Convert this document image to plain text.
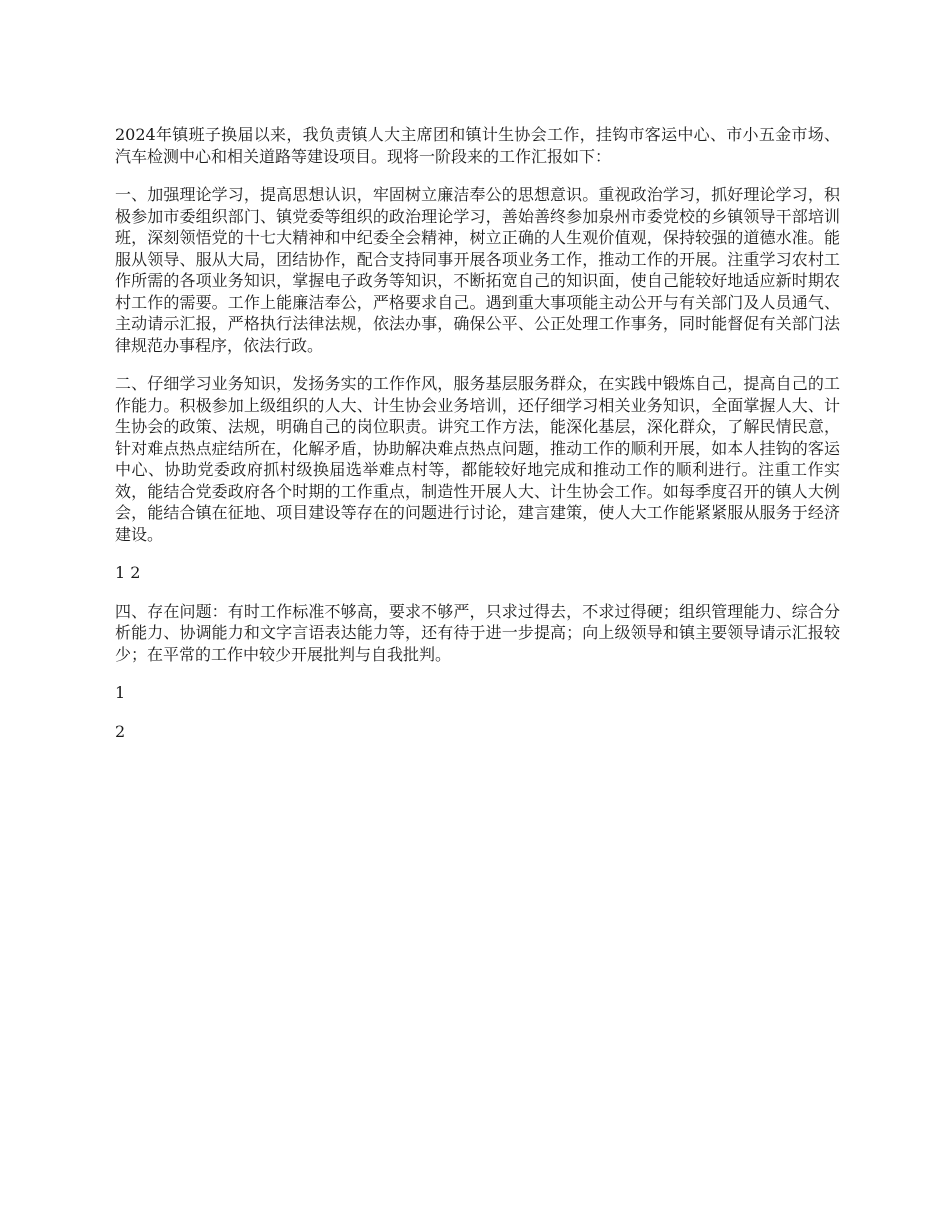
2024年镇班子换届以来，我负责镇人大主席团和镇计生协会工作，挂钩市客运中心、市小五金市场、汽车检测中心和相关道路等建设项目。现将一阶段来的工作汇报如下：

一、加强理论学习，提高思想认识，牢固树立廉洁奉公的思想意识。重视政治学习，抓好理论学习，积极参加市委组织部门、镇党委等组织的政治理论学习，善始善终参加泉州市委党校的乡镇领导干部培训班，深刻领悟党的十七大精神和中纪委全会精神，树立正确的人生观价值观，保持较强的道德水准。能服从领导、服从大局，团结协作，配合支持同事开展各项业务工作，推动工作的开展。注重学习农村工作所需的各项业务知识，掌握电子政务等知识，不断拓宽自己的知识面，使自己能较好地适应新时期农村工作的需要。工作上能廉洁奉公，严格要求自己。遇到重大事项能主动公开与有关部门及人员通气、主动请示汇报，严格执行法律法规，依法办事，确保公平、公正处理工作事务，同时能督促有关部门法律规范办事程序，依法行政。

二、仔细学习业务知识，发扬务实的工作作风，服务基层服务群众，在实践中锻炼自己，提高自己的工作能力。积极参加上级组织的人大、计生协会业务培训，还仔细学习相关业务知识，全面掌握人大、计生协会的政策、法规，明确自己的岗位职责。讲究工作方法，能深化基层，深化群众，了解民情民意，针对难点热点症结所在，化解矛盾，协助解决难点热点问题，推动工作的顺利开展，如本人挂钩的客运中心、协助党委政府抓村级换届选举难点村等，都能较好地完成和推动工作的顺利进行。注重工作实效，能结合党委政府各个时期的工作重点，制造性开展人大、计生协会工作。如每季度召开的镇人大例会，能结合镇在征地、项目建设等存在的问题进行讨论，建言建策，使人大工作能紧紧服从服务于经济建设。

1 2

四、存在问题：有时工作标准不够高，要求不够严，只求过得去，不求过得硬；组织管理能力、综合分析能力、协调能力和文字言语表达能力等，还有待于进一步提高；向上级领导和镇主要领导请示汇报较少；在平常的工作中较少开展批判与自我批判。

1

2
